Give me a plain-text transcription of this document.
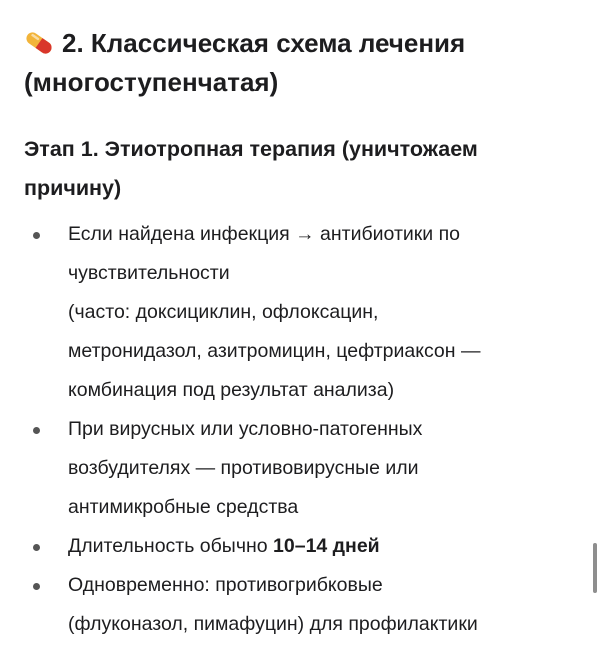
2. Классическая схема лечения
(многоступенчатая)
Этап 1. Этиотропная терапия (уничтожаем
причину)
Если найдена инфекция → антибиотики по
чувствительности
(часто: доксициклин, офлоксацин,
метронидазол, азитромицин, цефтриаксон —
комбинация под результат анализа)
При вирусных или условно-патогенных
возбудителях — противовирусные или
антимикробные средства
Длительность обычно 10–14 дней
Одновременно: противогрибковые
(флуконазол, пимафуцин) для профилактики
